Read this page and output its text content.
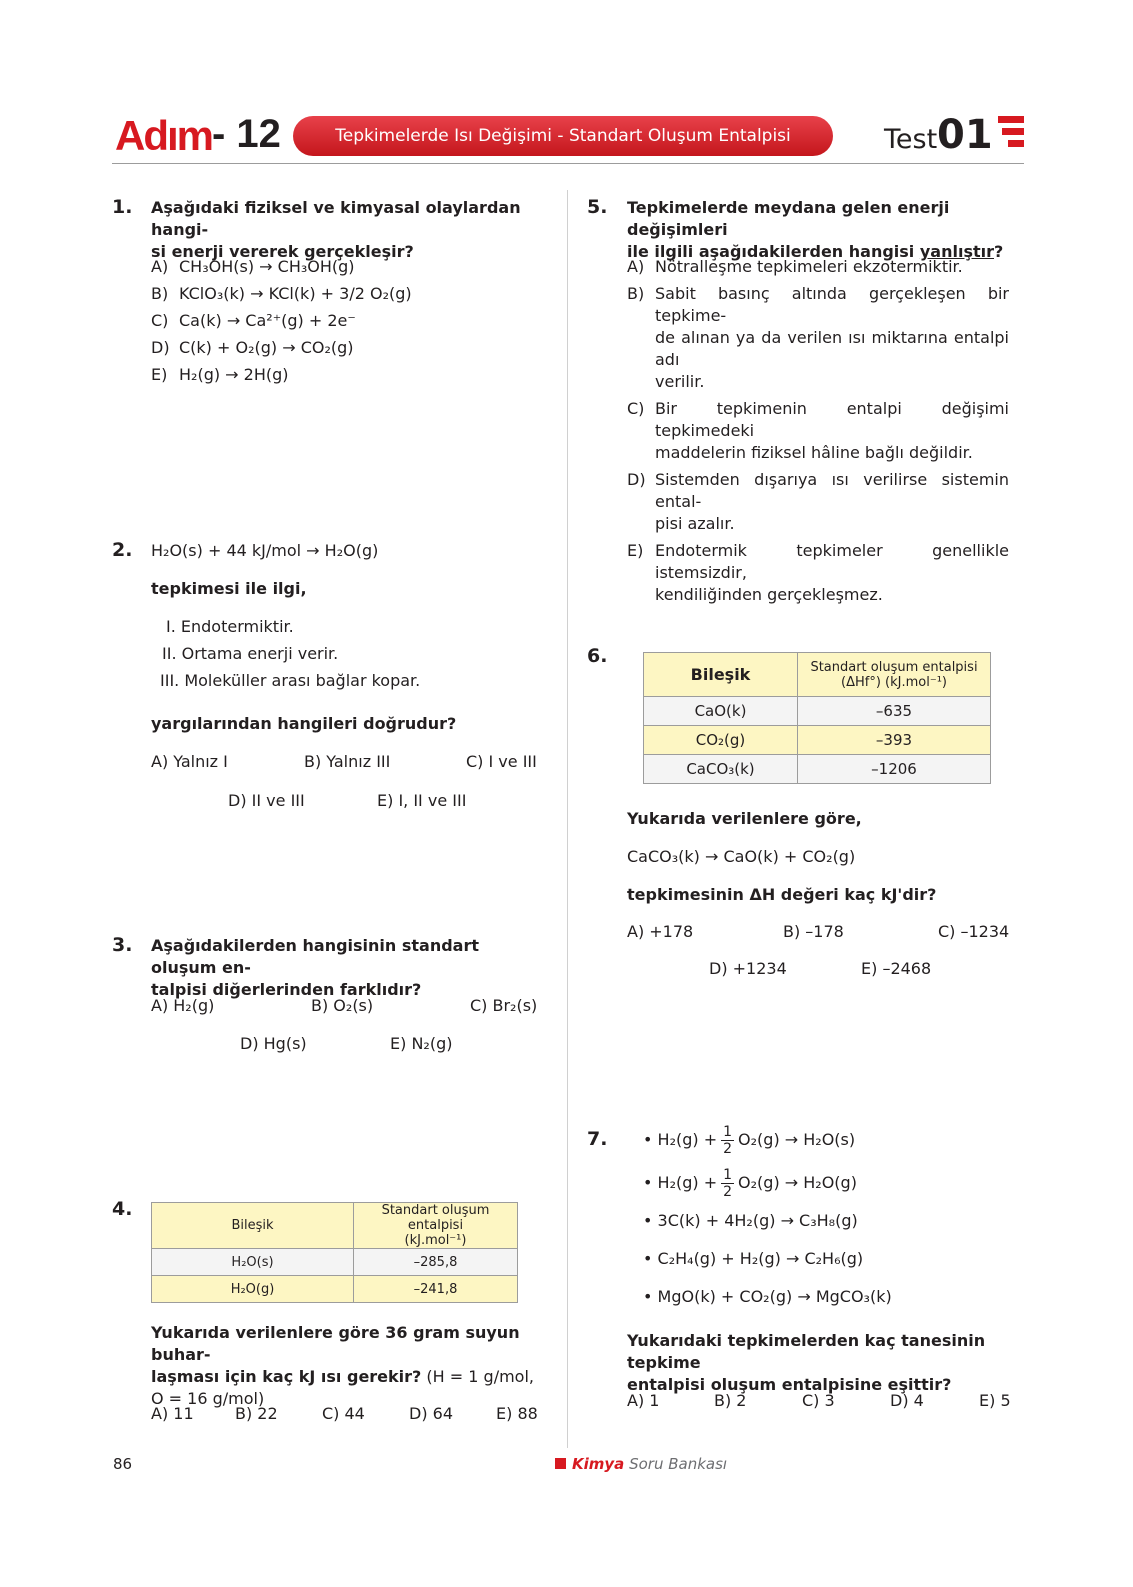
Adım - 12	Tepkimelerde Isı Değişimi - Standart Oluşum Entalpisi	Test 01
1. Aşağıdaki fiziksel ve kimyasal olaylardan hangi-
si enerji vererek gerçekleşir?
A) CH₃OH(s) → CH₃OH(g)
B) KClO₃(k) → KCl(k) + 3/2 O₂(g)
C) Ca(k) → Ca²⁺(g) + 2e⁻
D) C(k) + O₂(g) → CO₂(g)
E) H₂(g) → 2H(g)
2. H₂O(s) + 44 kJ/mol → H₂O(g)
tepkimesi ile ilgi,
I. Endotermiktir.
II. Ortama enerji verir.
III. Moleküller arası bağlar kopar.
yargılarından hangileri doğrudur?
A) Yalnız I	B) Yalnız III	C) I ve III
D) II ve III	E) I, II ve III
3. Aşağıdakilerden hangisinin standart oluşum en-
talpisi diğerlerinden farklıdır?
A) H₂(g)	B) O₂(s)	C) Br₂(s)
D) Hg(s)	E) N₂(g)
4.
Bileşik	Standart oluşum entalpisi
(kJ.mol⁻¹)

H₂O(s)	–285,8
H₂O(g)	–241,8
Yukarıda verilenlere göre 36 gram suyun buhar-
laşması için kaç kJ ısı gerekir? (H = 1 g/mol,
O = 16 g/mol)
A) 11	B) 22	C) 44	D) 64	E) 88
5. Tepkimelerde meydana gelen enerji değişimleri
ile ilgili aşağıdakilerden hangisi yanlıştır?
A) Nötralleşme tepkimeleri ekzotermiktir.
B) Sabit basınç altında gerçekleşen bir tepkime-
de alınan ya da verilen ısı miktarına entalpi adı
verilir.
C) Bir tepkimenin entalpi değişimi tepkimedeki
maddelerin fiziksel hâline bağlı değildir.
D) Sistemden dışarıya ısı verilirse sistemin ental-
pisi azalır.
E) Endotermik tepkimeler genellikle istemsizdir,
kendiliğinden gerçekleşmez.
6.
Bileşik	Standart oluşum entalpisi
(ΔHf°) (kJ.mol⁻¹)

CaO(k)	–635
CO₂(g)	–393
CaCO₃(k)	–1206
Yukarıda verilenlere göre,
CaCO₃(k) → CaO(k) + CO₂(g)
tepkimesinin ΔH değeri kaç kJ'dir?
A) +178	B) –178	C) –1234
D) +1234	E) –2468
7. • $H_2(g) + \frac{1}{2} O_2(g) \to H_2O(s)$
• $H_2(g) + \frac{1}{2} O_2(g) \to H_2O(g)$
• 3C(k) + 4H₂(g) → C₃H₈(g)
• C₂H₄(g) + H₂(g) → C₂H₆(g)
• MgO(k) + CO₂(g) → MgCO₃(k)
Yukarıdaki tepkimelerden kaç tanesinin tepkime
entalpisi oluşum entalpisine eşittir?
A) 1	B) 2	C) 3	D) 4	E) 5
86	Kimya Soru Bankası
